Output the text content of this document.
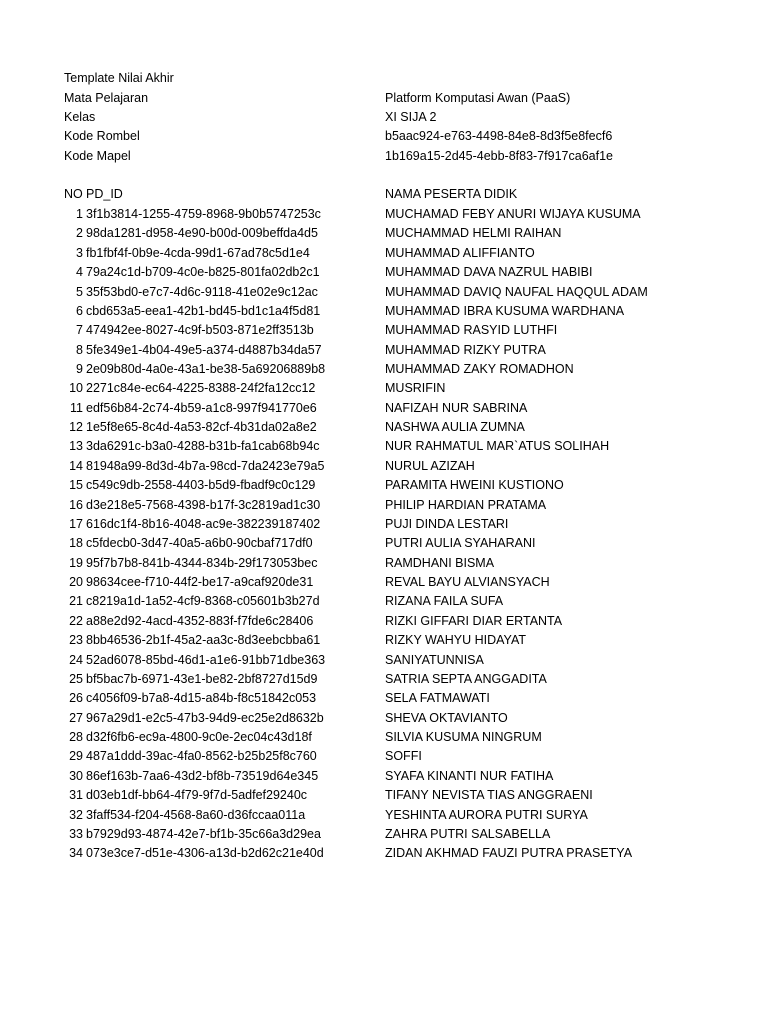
Template Nilai Akhir
Mata Pelajaran	Platform Komputasi Awan (PaaS)
Kelas	XI SIJA 2
Kode Rombel	b5aac924-e763-4498-84e8-8d3f5e8fecf6
Kode Mapel	1b169a15-2d45-4ebb-8f83-7f917ca6af1e
NO PD_ID	NAMA PESERTA DIDIK
1 3f1b3814-1255-4759-8968-9b0b5747253c	MUCHAMAD FEBY ANURI WIJAYA KUSUMA
2 98da1281-d958-4e90-b00d-009beffda4d5	MUCHAMMAD HELMI RAIHAN
3 fb1fbf4f-0b9e-4cda-99d1-67ad78c5d1e4	MUHAMMAD ALIFFIANTO
4 79a24c1d-b709-4c0e-b825-801fa02db2c1	MUHAMMAD DAVA NAZRUL HABIBI
5 35f53bd0-e7c7-4d6c-9118-41e02e9c12ac	MUHAMMAD DAVIQ NAUFAL HAQQUL ADAM
6 cbd653a5-eea1-42b1-bd45-bd1c1a4f5d81	MUHAMMAD IBRA KUSUMA WARDHANA
7 474942ee-8027-4c9f-b503-871e2ff3513b	MUHAMMAD RASYID LUTHFI
8 5fe349e1-4b04-49e5-a374-d4887b34da57	MUHAMMAD RIZKY PUTRA
9 2e09b80d-4a0e-43a1-be38-5a69206889b8	MUHAMMAD ZAKY ROMADHON
10 2271c84e-ec64-4225-8388-24f2fa12cc12	MUSRIFIN
11 edf56b84-2c74-4b59-a1c8-997f941770e6	NAFIZAH NUR SABRINA
12 1e5f8e65-8c4d-4a53-82cf-4b31da02a8e2	NASHWA AULIA ZUMNA
13 3da6291c-b3a0-4288-b31b-fa1cab68b94c	NUR RAHMATUL MAR`ATUS SOLIHAH
14 81948a99-8d3d-4b7a-98cd-7da2423e79a5	NURUL AZIZAH
15 c549c9db-2558-4403-b5d9-fbadf9c0c129	PARAMITA HWEINI KUSTIONO
16 d3e218e5-7568-4398-b17f-3c2819ad1c30	PHILIP HARDIAN PRATAMA
17 616dc1f4-8b16-4048-ac9e-382239187402	PUJI DINDA LESTARI
18 c5fdecb0-3d47-40a5-a6b0-90cbaf717df0	PUTRI AULIA SYAHARANI
19 95f7b7b8-841b-4344-834b-29f173053bec	RAMDHANI BISMA
20 98634cee-f710-44f2-be17-a9caf920de31	REVAL BAYU ALVIANSYACH
21 c8219a1d-1a52-4cf9-8368-c05601b3b27d	RIZANA FAILA SUFA
22 a88e2d92-4acd-4352-883f-f7fde6c28406	RIZKI GIFFARI DIAR ERTANTA
23 8bb46536-2b1f-45a2-aa3c-8d3eebcbba61	RIZKY WAHYU HIDAYAT
24 52ad6078-85bd-46d1-a1e6-91bb71dbe363	SANIYATUNNISA
25 bf5bac7b-6971-43e1-be82-2bf8727d15d9	SATRIA SEPTA ANGGADITA
26 c4056f09-b7a8-4d15-a84b-f8c51842c053	SELA FATMAWATI
27 967a29d1-e2c5-47b3-94d9-ec25e2d8632b	SHEVA OKTAVIANTO
28 d32f6fb6-ec9a-4800-9c0e-2ec04c43d18f	SILVIA KUSUMA NINGRUM
29 487a1ddd-39ac-4fa0-8562-b25b25f8c760	SOFFI
30 86ef163b-7aa6-43d2-bf8b-73519d64e345	SYAFA KINANTI NUR FATIHA
31 d03eb1df-bb64-4f79-9f7d-5adfef29240c	TIFANY NEVISTA TIAS ANGGRAENI
32 3faff534-f204-4568-8a60-d36fccaa011a	YESHINTA AURORA PUTRI SURYA
33 b7929d93-4874-42e7-bf1b-35c66a3d29ea	ZAHRA PUTRI SALSABELLA
34 073e3ce7-d51e-4306-a13d-b2d62c21e40d	ZIDAN AKHMAD FAUZI PUTRA PRASETYA
